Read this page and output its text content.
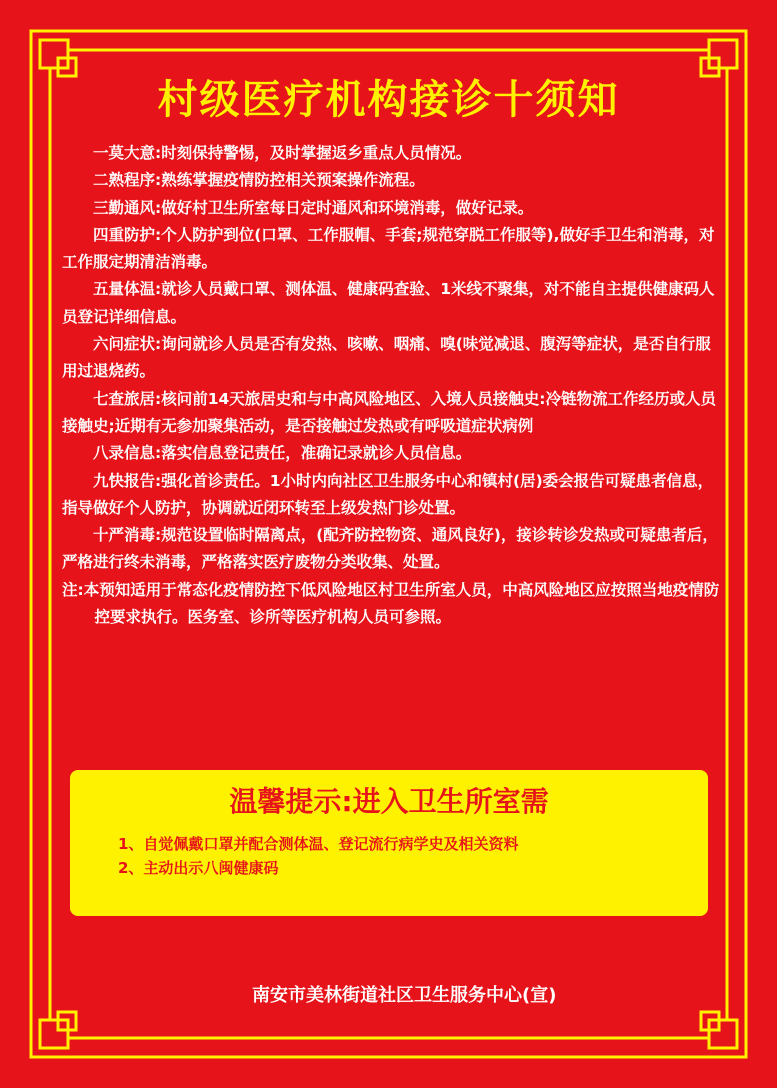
村级医疗机构接诊十须知

一莫大意:时刻保持警惕，及时掌握返乡重点人员情况。

二熟程序:熟练掌握疫情防控相关预案操作流程。

三勤通风:做好村卫生所室每日定时通风和环境消毒，做好记录。

四重防护:个人防护到位(口罩、工作服帽、手套;规范穿脱工作服等),做好手卫生和消毒，对工作服定期清洁消毒。

五量体温:就诊人员戴口罩、测体温、健康码查验、1米线不聚集，对不能自主提供健康码人员登记详细信息。

六问症状:询问就诊人员是否有发热、咳嗽、咽痛、嗅(味觉减退、腹泻等症状，是否自行服用过退烧药。

七查旅居:核问前14天旅居史和与中高风险地区、入境人员接触史:冷链物流工作经历或人员接触史;近期有无参加聚集活动，是否接触过发热或有呼吸道症状病例

八录信息:落实信息登记责任，准确记录就诊人员信息。

九快报告:强化首诊责任。1小时内向社区卫生服务中心和镇村(居)委会报告可疑患者信息，指导做好个人防护，协调就近闭环转至上级发热门诊处置。

十严消毒:规范设置临时隔离点，(配齐防控物资、通风良好)，接诊转诊发热或可疑患者后，严格进行终未消毒，严格落实医疗废物分类收集、处置。

注:本预知适用于常态化疫情防控下低风险地区村卫生所室人员，中高风险地区应按照当地疫情防控要求执行。医务室、诊所等医疗机构人员可参照。

温馨提示:进入卫生所室需
1、自觉佩戴口罩并配合测体温、登记流行病学史及相关资料
2、主动出示八闽健康码
南安市美林街道社区卫生服务中心(宣)
